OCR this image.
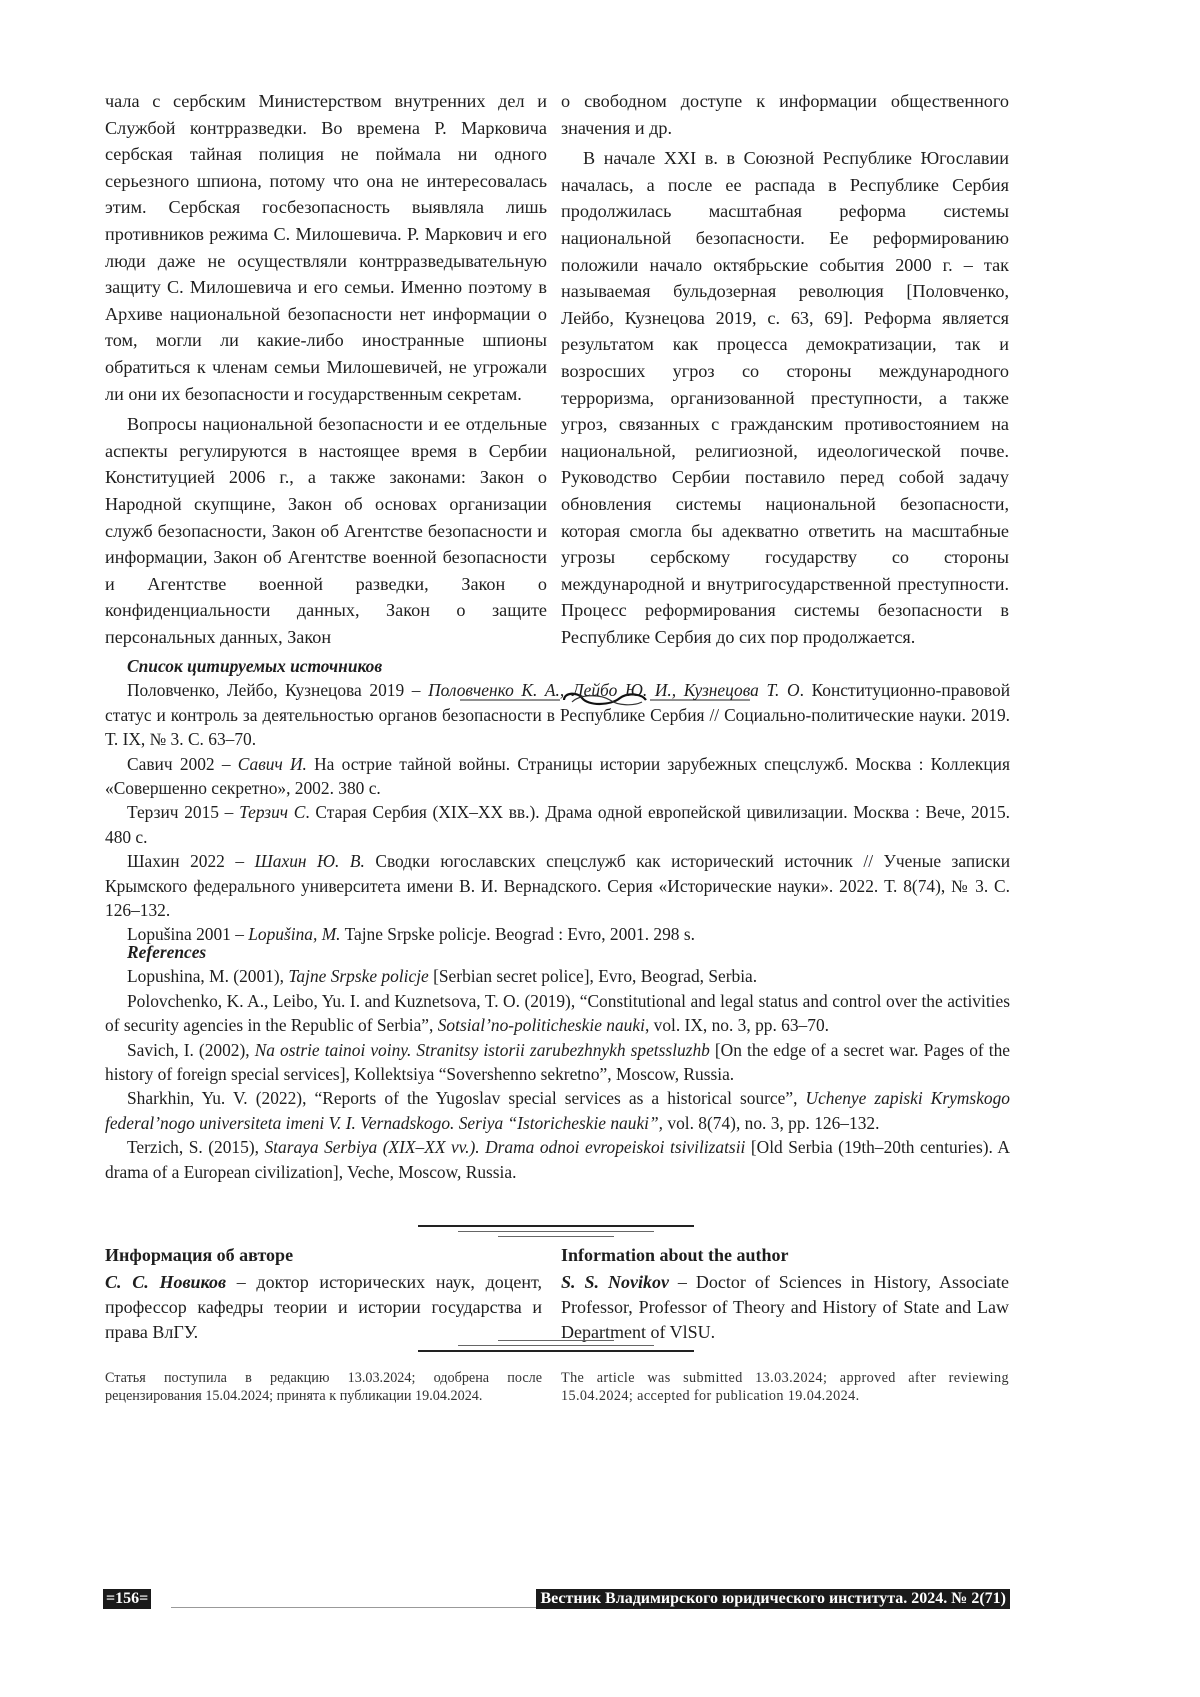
чала с сербским Министерством внутренних дел и Службой контрразведки. Во времена Р. Марковича сербская тайная полиция не поймала ни одного серьезного шпиона, потому что она не интересовалась этим. Сербская госбезопасность выявляла лишь противников режима С. Милошевича. Р. Маркович и его люди даже не осуществляли контрразведывательную защиту С. Милошевича и его семьи. Именно поэтому в Архиве национальной безопасности нет информации о том, могли ли какие-либо иностранные шпионы обратиться к членам семьи Милошевичей, не угрожали ли они их безопасности и государственным секретам.

Вопросы национальной безопасности и ее отдельные аспекты регулируются в настоящее время в Сербии Конституцией 2006 г., а также законами: Закон о Народной скупщине, Закон об основах организации служб безопасности, Закон об Агентстве безопасности и информации, Закон об Агентстве военной безопасности и Агентстве военной разведки, Закон о конфиденциальности данных, Закон о защите персональных данных, Закон

о свободном доступе к информации общественного значения и др.

В начале XXI в. в Союзной Республике Югославии началась, а после ее распада в Республике Сербия продолжилась масштабная реформа системы национальной безопасности. Ее реформированию положили начало октябрьские события 2000 г. – так называемая бульдозерная революция [Половченко, Лейбо, Кузнецова 2019, с. 63, 69]. Реформа является результатом как процесса демократизации, так и возросших угроз со стороны международного терроризма, организованной преступности, а также угроз, связанных с гражданским противостоянием на национальной, религиозной, идеологической почве. Руководство Сербии поставило перед собой задачу обновления системы национальной безопасности, которая смогла бы адекватно ответить на масштабные угрозы сербскому государству со стороны международной и внутригосударственной преступности. Процесс реформирования системы безопасности в Республике Сербия до сих пор продолжается.

Список цитируемых источников

Половченко, Лейбо, Кузнецова 2019 – Половченко К. А., Лейбо Ю. И., Кузнецова Т. О. Конституционно-правовой статус и контроль за деятельностью органов безопасности в Республике Сербия // Социально-политические науки. 2019. Т. IX, № 3. С. 63–70.

Савич 2002 – Савич И. На острие тайной войны. Страницы истории зарубежных спецслужб. Москва : Коллекция «Совершенно секретно», 2002. 380 с.

Терзич 2015 – Терзич С. Старая Сербия (XIX–XX вв.). Драма одной европейской цивилизации. Москва : Вече, 2015. 480 с.

Шахин 2022 – Шахин Ю. В. Сводки югославских спецслужб как исторический источник // Ученые записки Крымского федерального университета имени В. И. Вернадского. Серия «Исторические науки». 2022. Т. 8(74), № 3. С. 126–132.

Lopušina 2001 – Lopušina, M. Tajne Srpske policje. Beograd : Evro, 2001. 298 s.

References

Lopushina, M. (2001), Tajne Srpske policje [Serbian secret police], Evro, Beograd, Serbia.

Polovchenko, K. A., Leibo, Yu. I. and Kuznetsova, T. O. (2019), “Constitutional and legal status and control over the activities of security agencies in the Republic of Serbia”, Sotsial’no-politicheskie nauki, vol. IX, no. 3, pp. 63–70.

Savich, I. (2002), Na ostrie tainoi voiny. Stranitsy istorii zarubezhnykh spetssluzhb [On the edge of a secret war. Pages of the history of foreign special services], Kollektsiya “Sovershenno sekretno”, Moscow, Russia.

Sharkhin, Yu. V. (2022), “Reports of the Yugoslav special services as a historical source”, Uchenye zapiski Krymskogo federal’nogo universiteta imeni V. I. Vernadskogo. Seriya “Istoricheskie nauki”, vol. 8(74), no. 3, pp. 126–132.

Terzich, S. (2015), Staraya Serbiya (XIX–XX vv.). Drama odnoi evropeiskoi tsivilizatsii [Old Serbia (19th–20th centuries). A drama of a European civilization], Veche, Moscow, Russia.

Информация об авторе

С. С. Новиков – доктор исторических наук, доцент, профессор кафедры теории и истории государства и права ВлГУ.

Information about the author

S. S. Novikov – Doctor of Sciences in History, Associate Professor, Professor of Theory and History of State and Law Department of VlSU.

Статья поступила в редакцию 13.03.2024; одобрена после рецензирования 15.04.2024; принята к публикации 19.04.2024.
The article was submitted 13.03.2024; approved after reviewing 15.04.2024; accepted for publication 19.04.2024.
=156=	Вестник Владимирского юридического института. 2024. № 2(71)
